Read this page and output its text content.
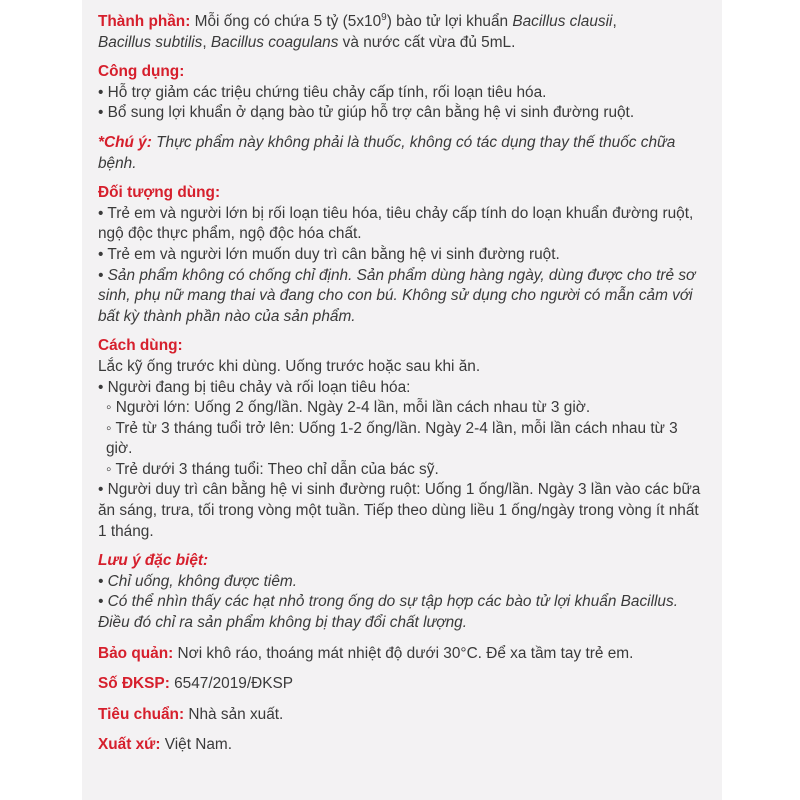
Thành phần: Mỗi ống có chứa 5 tỷ $(5x10^9)$ bào tử lợi khuẩn Bacillus clausii,
Bacillus subtilis, Bacillus coagulans và nước cất vừa đủ 5mL.
Công dụng:
• Hỗ trợ giảm các triệu chứng tiêu chảy cấp tính, rối loạn tiêu hóa.
• Bổ sung lợi khuẩn ở dạng bào tử giúp hỗ trợ cân bằng hệ vi sinh đường ruột.
*Chú ý: Thực phẩm này không phải là thuốc, không có tác dụng thay thế thuốc chữa bệnh.
Đối tượng dùng:
• Trẻ em và người lớn bị rối loạn tiêu hóa, tiêu chảy cấp tính do loạn khuẩn đường ruột, ngộ độc thực phẩm, ngộ độc hóa chất.
• Trẻ em và người lớn muốn duy trì cân bằng hệ vi sinh đường ruột.
• Sản phẩm không có chống chỉ định. Sản phẩm dùng hàng ngày, dùng được cho trẻ sơ sinh, phụ nữ mang thai và đang cho con bú. Không sử dụng cho người có mẫn cảm với bất kỳ thành phần nào của sản phẩm.
Cách dùng:
Lắc kỹ ống trước khi dùng. Uống trước hoặc sau khi ăn.
• Người đang bị tiêu chảy và rối loạn tiêu hóa:
◦ Người lớn: Uống 2 ống/lần. Ngày 2-4 lần, mỗi lần cách nhau từ 3 giờ.
◦ Trẻ từ 3 tháng tuổi trở lên: Uống 1-2 ống/lần. Ngày 2-4 lần, mỗi lần cách nhau từ 3 giờ.
◦ Trẻ dưới 3 tháng tuổi: Theo chỉ dẫn của bác sỹ.
• Người duy trì cân bằng hệ vi sinh đường ruột: Uống 1 ống/lần. Ngày 3 lần vào các bữa ăn sáng, trưa, tối trong vòng một tuần. Tiếp theo dùng liều 1 ống/ngày trong vòng ít nhất 1 tháng.
Lưu ý đặc biệt:
• Chỉ uống, không được tiêm.
• Có thể nhìn thấy các hạt nhỏ trong ống do sự tập hợp các bào tử lợi khuẩn Bacillus. Điều đó chỉ ra sản phẩm không bị thay đổi chất lượng.
Bảo quản: Nơi khô ráo, thoáng mát nhiệt độ dưới 30°C. Để xa tầm tay trẻ em.
Số ĐKSP: 6547/2019/ĐKSP
Tiêu chuẩn: Nhà sản xuất.
Xuất xứ: Việt Nam.
